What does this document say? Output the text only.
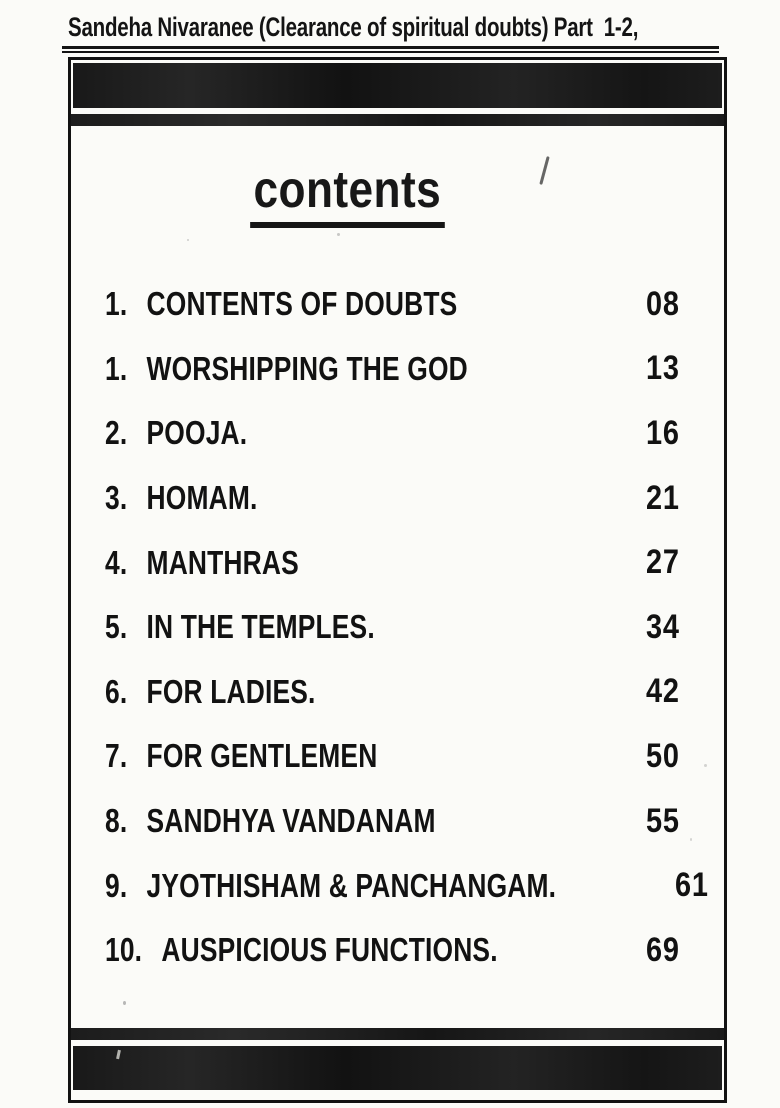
Sandeha Nivaranee (Clearance of spiritual doubts) Part  1-2,
contents
1. CONTENTS OF DOUBTS	08
1. WORSHIPPING THE GOD	13
2. POOJA.	16
3. HOMAM.	21
4. MANTHRAS	27
5. IN THE TEMPLES.	34
6. FOR LADIES.	42
7. FOR GENTLEMEN	50
8. SANDHYA VANDANAM	55
9. JYOTHISHAM & PANCHANGAM.	61
10. AUSPICIOUS FUNCTIONS.	69
